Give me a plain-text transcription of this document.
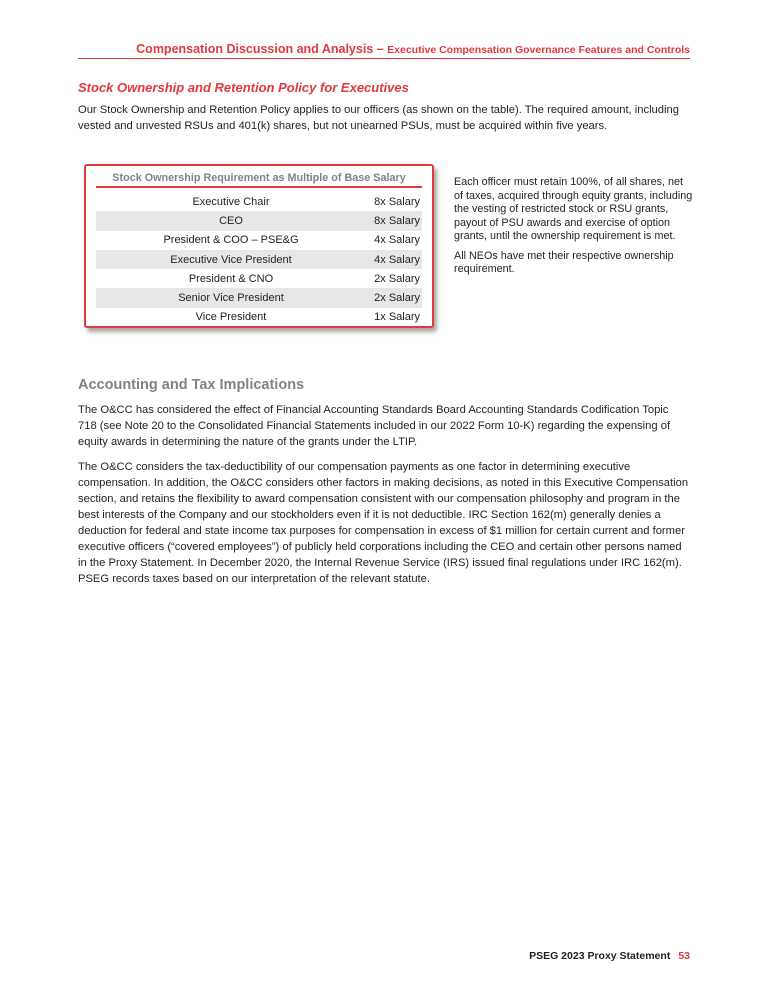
Compensation Discussion and Analysis – Executive Compensation Governance Features and Controls
Stock Ownership and Retention Policy for Executives

Our Stock Ownership and Retention Policy applies to our officers (as shown on the table). The required amount, including vested and unvested RSUs and 401(k) shares, but not unearned PSUs, must be acquired within five years.

Stock Ownership Requirement as Multiple of Base Salary
Executive Chair	8x Salary
CEO	8x Salary
President & COO – PSE&G	4x Salary
Executive Vice President	4x Salary
President & CNO	2x Salary
Senior Vice President	2x Salary
Vice President	1x Salary

Each officer must retain 100%, of all shares, net of taxes, acquired through equity grants, including the vesting of restricted stock or RSU grants, payout of PSU awards and exercise of option grants, until the ownership requirement is met.

All NEOs have met their respective ownership requirement.

Accounting and Tax Implications

The O&CC has considered the effect of Financial Accounting Standards Board Accounting Standards Codification Topic 718 (see Note 20 to the Consolidated Financial Statements included in our 2022 Form 10-K) regarding the expensing of equity awards in determining the nature of the grants under the LTIP.

The O&CC considers the tax-deductibility of our compensation payments as one factor in determining executive compensation. In addition, the O&CC considers other factors in making decisions, as noted in this Executive Compensation section, and retains the flexibility to award compensation consistent with our compensation philosophy and program in the best interests of the Company and our stockholders even if it is not deductible. IRC Section 162(m) generally denies a deduction for federal and state income tax purposes for compensation in excess of $1 million for certain current and former executive officers (“covered employees”) of publicly held corporations including the CEO and certain other persons named in the Proxy Statement. In December 2020, the Internal Revenue Service (IRS) issued final regulations under IRC 162(m). PSEG records taxes based on our interpretation of the relevant statute.

PSEG 2023 Proxy Statement 53
